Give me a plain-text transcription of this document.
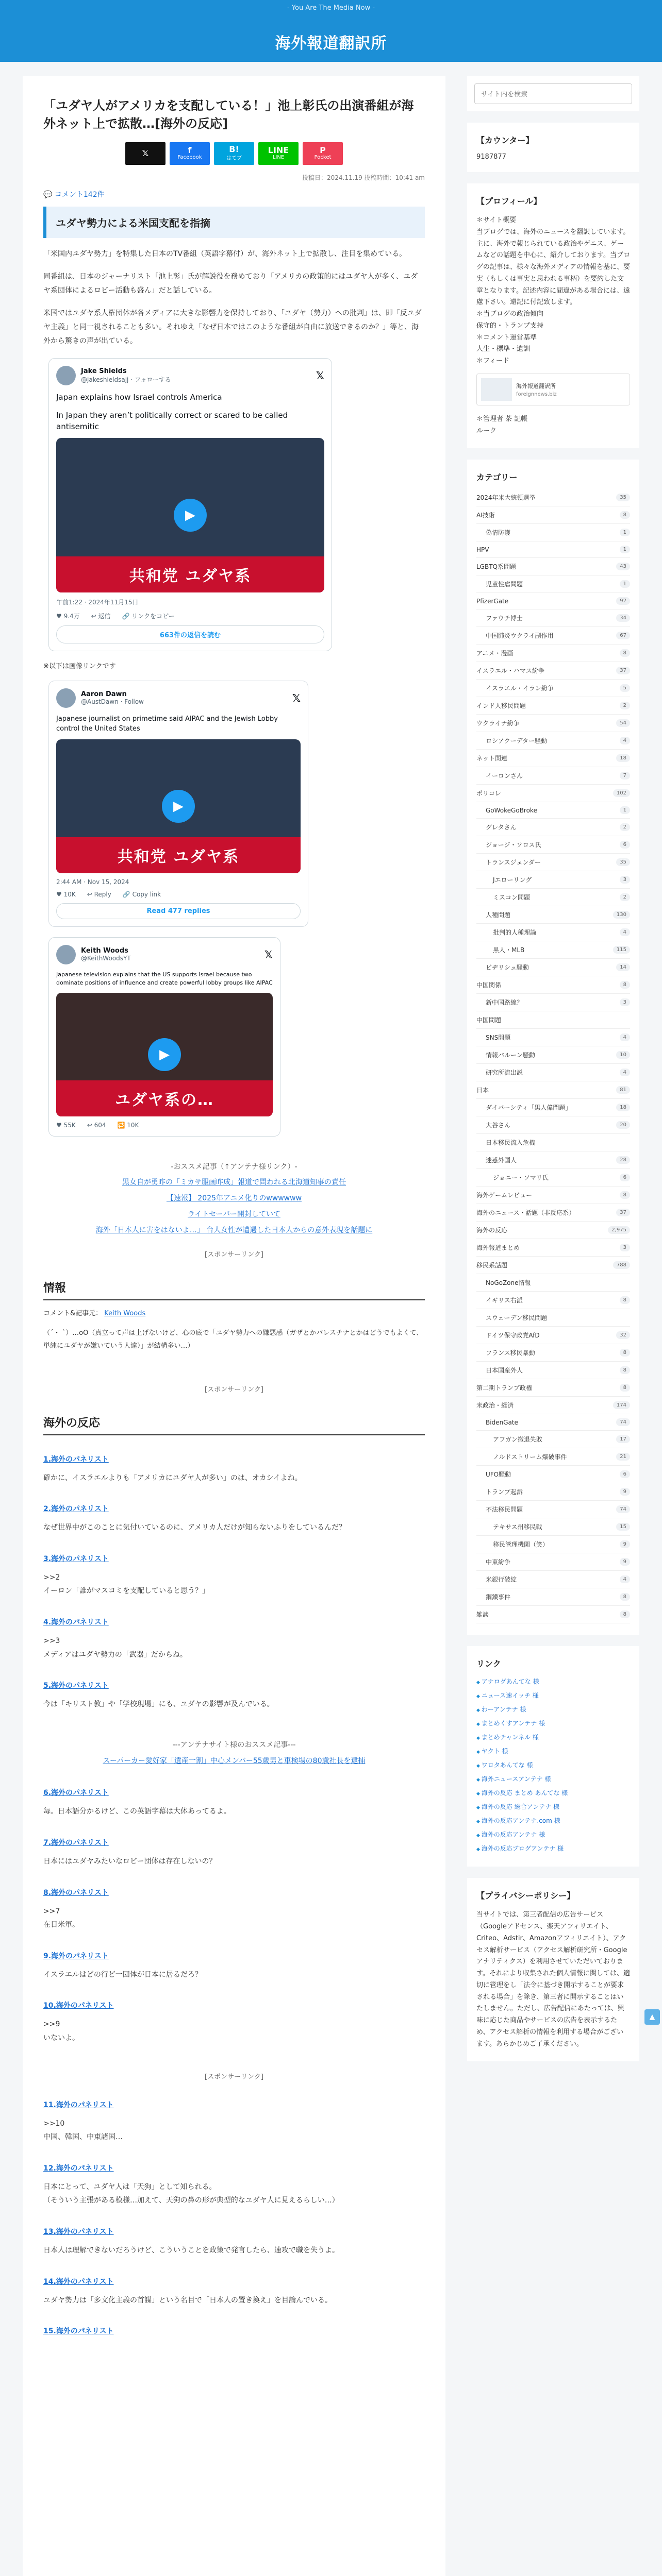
- You Are The Media Now -
海外報道翻訳所
「ユダヤ人がアメリカを支配している！」池上彰氏の出演番組が海外ネット上で拡散…[海外の反応]
𝕏	f
Facebook
B!
はてブ
LINE
LINE
P
Pocket
投稿日：2024.11.19 投稿時間：10:41 am
💬 コメント142件
ユダヤ勢力による米国支配を指摘

「米国内ユダヤ勢力」を特集した日本のTV番組（英語字幕付）が、海外ネット上で拡散し、注目を集めている。

同番組は、日本のジャーナリスト「池上彰」氏が解説役を務めており「アメリカの政策的にはユダヤ人が多く、ユダヤ系団体によるロビー活動も盛ん」だと話している。

米国ではユダヤ系人権団体が各メディアに大きな影響力を保持しており、「ユダヤ（勢力）への批判」は、即「反ユダヤ主義」と同一視されることも多い。それゆえ「なぜ日本ではこのような番組が自由に放送できるのか？」等と、海外から驚きの声が出ている。

Jake Shields
@jakeshieldsajj · フォローする	𝕏
Japan explains how Israel controls America
In Japan they aren’t politically correct or scared to be called antisemitic
▶
共和党 ユダヤ系
午前1:22 · 2024年11月15日
♥ 9.4万 ↩ 返信 🔗 リンクをコピー
663件の返信を読む
※以下は画像リンクです
Aaron Dawn
@AustDawn · Follow	𝕏
Japanese journalist on primetime said AIPAC and the Jewish Lobby control the United States
▶
共和党 ユダヤ系
2:44 AM · Nov 15, 2024
♥ 10K ↩ Reply 🔗 Copy link
Read 477 replies
Keith Woods
@KeithWoodsYT	𝕏
Japanese television explains that the US supports Israel because two dominate positions of influence and create powerful lobby groups like AIPAC
▶
ユダヤ系の…
♥ 55K ↩ 604 🔁 10K
-おススメ記事（↑アンテナ様リンク）-
黒女自が勇昨の「ミカサ服画昨成」報道で問われる北海道知事の責任
【速報】 2025年アニメ化りのwwwwww
ライトセーバー開封していて
海外「日本人に害をはないよ…」 台人女性が遭遇した日本人からの意外表現を話題に
[スポンサーリンク]
情報
コメント&記事元： Keith Woods
（´・ `）…oO（真立って声は上げないけど、心の底で「ユダヤ勢力への嫌悪感（ガザとかパレスチナとかはどうでもよくて、単純にユダヤが嫌いていう人達）」が結構多い…）
[スポンサーリンク]
海外の反応
1.海外のパネリスト
確かに、イスラエルよりも「アメリカにユダヤ人が多い」のは、オカシイよね。
2.海外のパネリスト
なぜ世界中がこのことに気付いているのに、アメリカ人だけが知らないふりをしているんだ？
3.海外のパネリスト
>>2
イーロン「誰がマスコミを支配していると思う？」
4.海外のパネリスト
>>3
メディアはユダヤ勢力の「武器」だからね。
5.海外のパネリスト
今は「キリスト教」や「学校現場」にも、ユダヤの影響が及んでいる。
---アンテナサイト様のおススメ記事---
スーパーカー愛好家「遺産一割」中心メンバー55歳男と車検場の80歳社長を逮捕
6.海外のパネリスト
毎。日本語分かるけど、この英語字幕は大体あってるよ。
7.海外のパネリスト
日本にはユダヤみたいなロビー団体は存在しないの？
8.海外のパネリスト
>>7
在日米軍。
9.海外のパネリスト
イスラエルはどの行ど一団体が日本に居るだろ？
10.海外のパネリスト
>>9
いないよ。
[スポンサーリンク]
11.海外のパネリスト
>>10
中国、韓国、中東諸国…
12.海外のパネリスト
日本にとって、ユダヤ人は「天狗」として知られる。
（そういう主張がある模様…加えて、天狗の鼻の形が典型的なユダヤ人に見えるらしい…）
13.海外のパネリスト
日本人は理解できないだろうけど、こういうことを政策で発言したら、速攻で職を失うよ。
14.海外のパネリスト
ユダヤ勢力は「多文化主義の首謀」という名目で「日本人の置き換え」を目論んでいる。
15.海外のパネリスト
サイト内を検索
【カウンター】
9187877
【プロフィール】
＊サイト概要
当ブログでは、海外のニュースを翻訳しています。主に、海外で報じられている政治やゲニス、ゲームなどの話題を中心に、紹介しております。当ブログの記事は、様々な海外メディアの情報を基に、要実（もしくは事実と思われる事柄）を要約した文章となります。記述内容に間違がある場合には、遠慮下さい。遠記に付記致します。
＊当ブログの政治傾向
保守的・トランプ支持
＊コメント運営基準
人生・標準・遺訓
＊フィード
海外報道翻訳所
foreignnews.biz
＊管理者 茶 記帳
ルーク
カテゴリー
2024年米大統領選挙	35
AI技術	8
偽情防護	1
HPV	1
LGBTQ系問題	43
児童性虐問題	1
PfizerGate	92
ファウチ博士	34
中国肺炎ウクライ副作用	67
アニメ・漫画	8
イスラエル・ハマス紛争	37
イスラエル・イラン紛争	5
インド人移民問題	2
ウクライナ紛争	54
ロシアクーデター騒動	4
ネット関連	18
イーロンさん	7
ポリコレ	102
GoWokeGoBroke	1
グレタさん	2
ジョージ・ソロス氏	6
トランスジェンダー	35
Jエローリング	3
ミスコン問題	2
人種問題	130
批判的人種理論	4
黒人・MLB	115
ビヂリシュ騒動	14
中国関係	8
新中国路線？	3
中国問題
SNS問題	4
情報バルーン騒動	10
研究所流出説	4
日本	81
ダイバーシティ「黒人偉問題」	18
大谷さん	20
日本移民流入危機
迷惑外国人	28
ジョニー・ソマリ氏	6
海外ゲームレビュー	8
海外のニュース・話題（非反応系）	37
海外の反応	2,975
海外報道まとめ	3
移民系話題	788
NoGoZone情報
イギリス右派	8
スウェーデン移民問題
ドイツ保守政党AfD	32
フランス移民暴動	8
日本国産外人	8
第二期トランプ政権	8
米政治・経済	174
BidenGate	74
アフガン撤退失敗	17
ノルドストリーム爆破事件	21
UFO騒動	6
トランプ起訴	9
不法移民問題	74
テキサス州移民戦	15
移民管理機関（笑）	9
中東紛争	9
米銀行破綻	4
鋼鐵事件	8
雑談	8
リンク
◆ アナログあんてな 様
◆ ニュース速イッチ 様
◆ わーアンテナ 様
◆ まとめくすアンテナ 様
◆ まとめチャンネル 様
◆ ヤクト 様
◆ ワロタあんてな 様
◆ 海外ニュースアンテナ 様
◆ 海外の反応 まとめ あんてな 様
◆ 海外の反応 総合アンテナ 様
◆ 海外の反応アンテナ.com 様
◆ 海外の反応アンテナ 様
◆ 海外の反応ブログアンテナ 様
【プライバシーポリシー】
当サイトでは、第三者配信の広告サービス（Googleアドセンス、楽天アフィリエイト、Criteo、Adstir、Amazonアフィリエイト）、アクセス解析サービス（アクセス解析研究所・Googleアナリティクス）を利用させていただいております。それにより収集された個人情報に関しては、適切に管理をし「法令に基づき開示することが要求される場合」を除き、第三者に開示することはいたしません。ただし、広告配信にあたっては、興味に応じた商品やサービスの広告を表示するため、アクセス解析の情報を利用する場合がございます。あらかじめご了承ください。
▲
